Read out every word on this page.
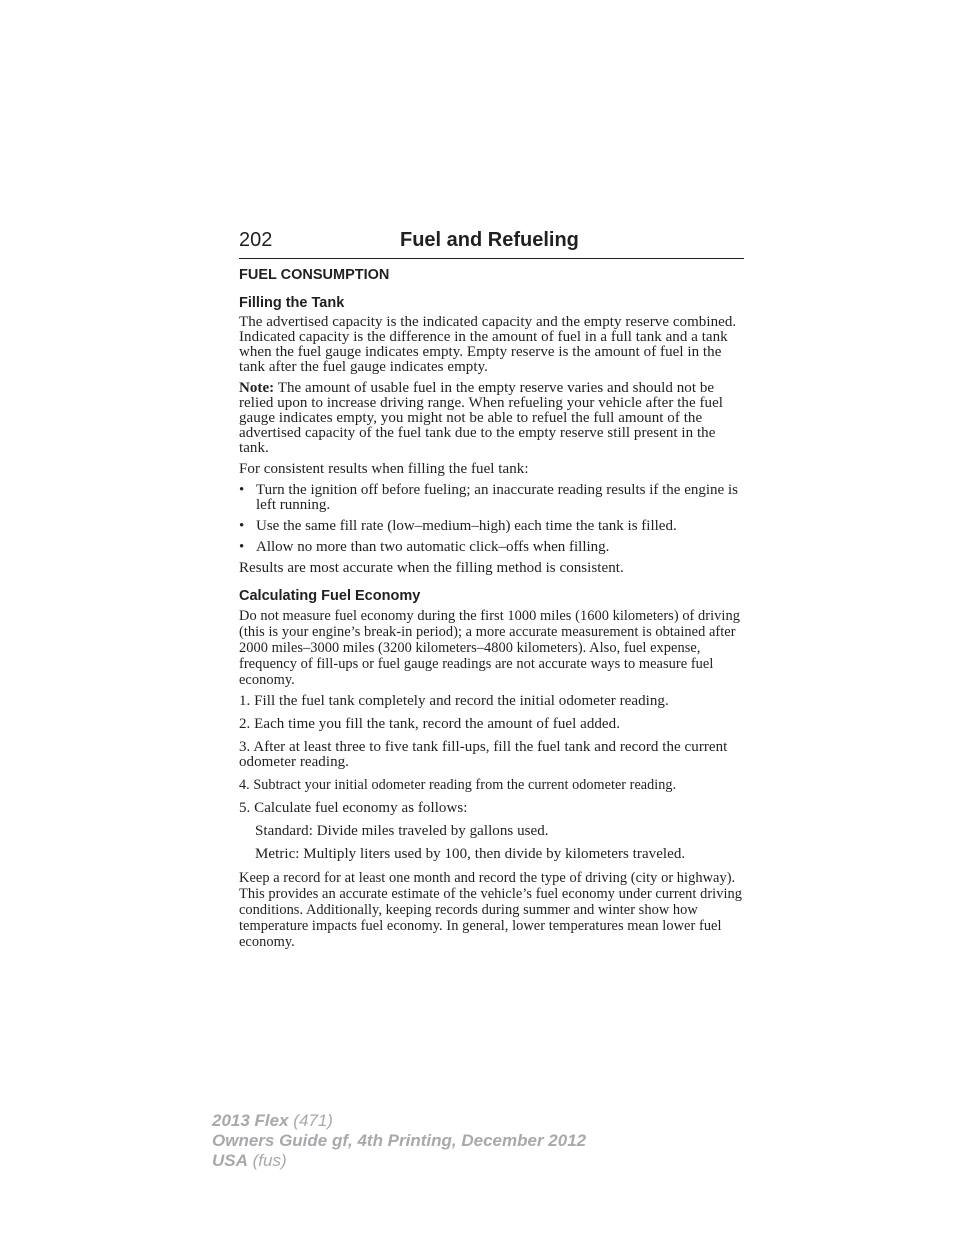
202	Fuel and Refueling
FUEL CONSUMPTION
Filling the Tank

The advertised capacity is the indicated capacity and the empty reserve combined. Indicated capacity is the difference in the amount of fuel in a full tank and a tank when the fuel gauge indicates empty. Empty reserve is the amount of fuel in the tank after the fuel gauge indicates empty.

Note: The amount of usable fuel in the empty reserve varies and should not be relied upon to increase driving range. When refueling your vehicle after the fuel gauge indicates empty, you might not be able to refuel the full amount of the advertised capacity of the fuel tank due to the empty reserve still present in the tank.

For consistent results when filling the fuel tank:

• Turn the ignition off before fueling; an inaccurate reading results if the engine is left running.
• Use the same fill rate (low–medium–high) each time the tank is filled.
• Allow no more than two automatic click–offs when filling.

Results are most accurate when the filling method is consistent.

Calculating Fuel Economy

Do not measure fuel economy during the first 1000 miles (1600 kilometers) of driving (this is your engine’s break-in period); a more accurate measurement is obtained after 2000 miles–3000 miles (3200 kilometers–4800 kilometers). Also, fuel expense, frequency of fill-ups or fuel gauge readings are not accurate ways to measure fuel economy.

1. Fill the fuel tank completely and record the initial odometer reading.

2. Each time you fill the tank, record the amount of fuel added.

3. After at least three to five tank fill-ups, fill the fuel tank and record the current odometer reading.

4. Subtract your initial odometer reading from the current odometer reading.

5. Calculate fuel economy as follows:

Standard: Divide miles traveled by gallons used.

Metric: Multiply liters used by 100, then divide by kilometers traveled.

Keep a record for at least one month and record the type of driving (city or highway). This provides an accurate estimate of the vehicle’s fuel economy under current driving conditions. Additionally, keeping records during summer and winter show how temperature impacts fuel economy. In general, lower temperatures mean lower fuel economy.

2013 Flex (471)
Owners Guide gf, 4th Printing, December 2012
USA (fus)
